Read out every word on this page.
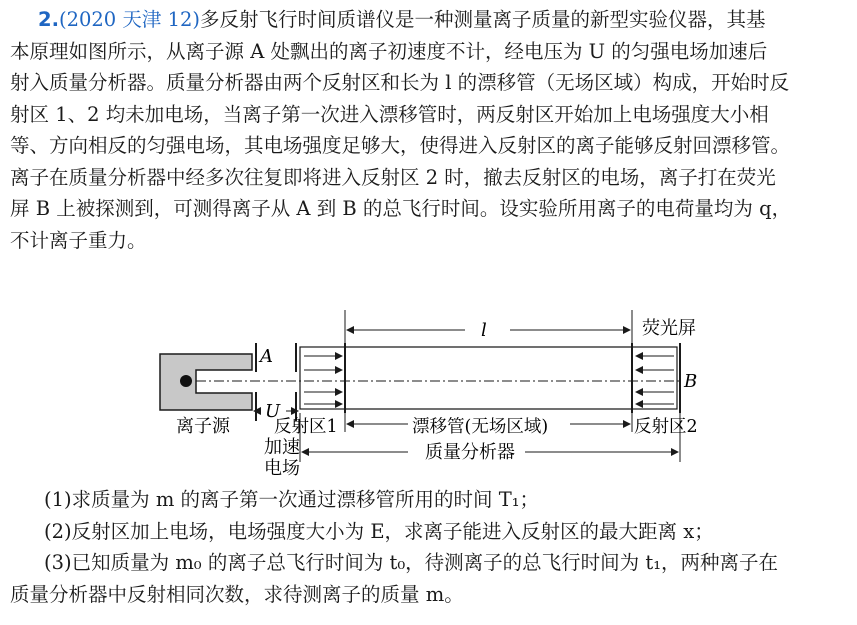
2.(2020 天津 12)多反射飞行时间质谱仪是一种测量离子质量的新型实验仪器，其基
本原理如图所示，从离子源 A 处飘出的离子初速度不计，经电压为 U 的匀强电场加速后
射入质量分析器。质量分析器由两个反射区和长为 l 的漂移管（无场区域）构成，开始时反
射区 1、2 均未加电场，当离子第一次进入漂移管时，两反射区开始加上电场强度大小相
等、方向相反的匀强电场，其电场强度足够大，使得进入反射区的离子能够反射回漂移管。
离子在质量分析器中经多次往复即将进入反射区 2 时，撤去反射区的电场，离子打在荧光
屏 B 上被探测到，可测得离子从 A 到 B 的总飞行时间。设实验所用离子的电荷量均为 q，
不计离子重力。
A
U
B
l	荧光屏
离子源	反射区1	漂移管(无场区域)	反射区2
加速
电场
质量分析器
(1)求质量为 m 的离子第一次通过漂移管所用的时间 T₁；
(2)反射区加上电场，电场强度大小为 E，求离子能进入反射区的最大距离 x；
(3)已知质量为 m₀ 的离子总飞行时间为 t₀，待测离子的总飞行时间为 t₁，两种离子在
质量分析器中反射相同次数，求待测离子的质量 m。
